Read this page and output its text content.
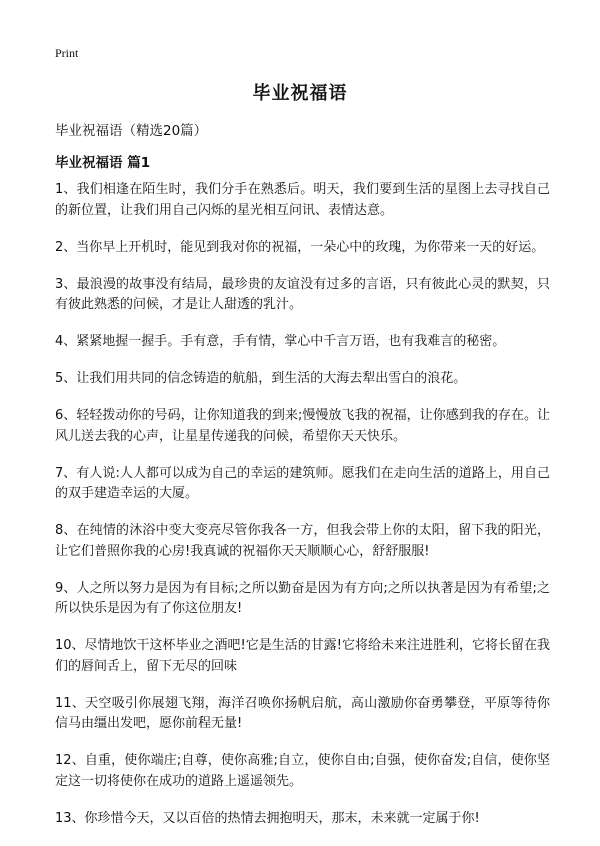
Print
毕业祝福语

毕业祝福语（精选20篇）

毕业祝福语 篇1
1、我们相逢在陌生时，我们分手在熟悉后。明天，我们要到生活的星图上去寻找自己的新位置，让我们用自己闪烁的星光相互问讯、表情达意。
2、当你早上开机时，能见到我对你的祝福，一朵心中的玫瑰，为你带来一天的好运。
3、最浪漫的故事没有结局，最珍贵的友谊没有过多的言语，只有彼此心灵的默契，只有彼此熟悉的问候，才是让人甜透的乳汁。
4、紧紧地握一握手。手有意，手有情，掌心中千言万语，也有我难言的秘密。
5、让我们用共同的信念铸造的航船，到生活的大海去犁出雪白的浪花。
6、轻轻拨动你的号码，让你知道我的到来;慢慢放飞我的祝福，让你感到我的存在。让风儿送去我的心声，让星星传递我的问候，希望你天天快乐。
7、有人说:人人都可以成为自己的幸运的建筑师。愿我们在走向生活的道路上，用自己的双手建造幸运的大厦。
8、在纯情的沐浴中变大变亮尽管你我各一方，但我会带上你的太阳，留下我的阳光，让它们普照你我的心房!我真诚的祝福你天天顺顺心心，舒舒服服!
9、人之所以努力是因为有目标;之所以勤奋是因为有方向;之所以执著是因为有希望;之所以快乐是因为有了你这位朋友!
10、尽情地饮干这杯毕业之酒吧!它是生活的甘露!它将给未来注进胜利，它将长留在我们的唇间舌上，留下无尽的回味
11、天空吸引你展翅飞翔，海洋召唤你扬帆启航，高山激励你奋勇攀登，平原等待你信马由缰出发吧，愿你前程无量!
12、自重，使你端庄;自尊，使你高雅;自立，使你自由;自强，使你奋发;自信，使你坚定这一切将使你在成功的道路上遥遥领先。
13、你珍惜今天，又以百倍的热情去拥抱明天，那末，未来就一定属于你!
